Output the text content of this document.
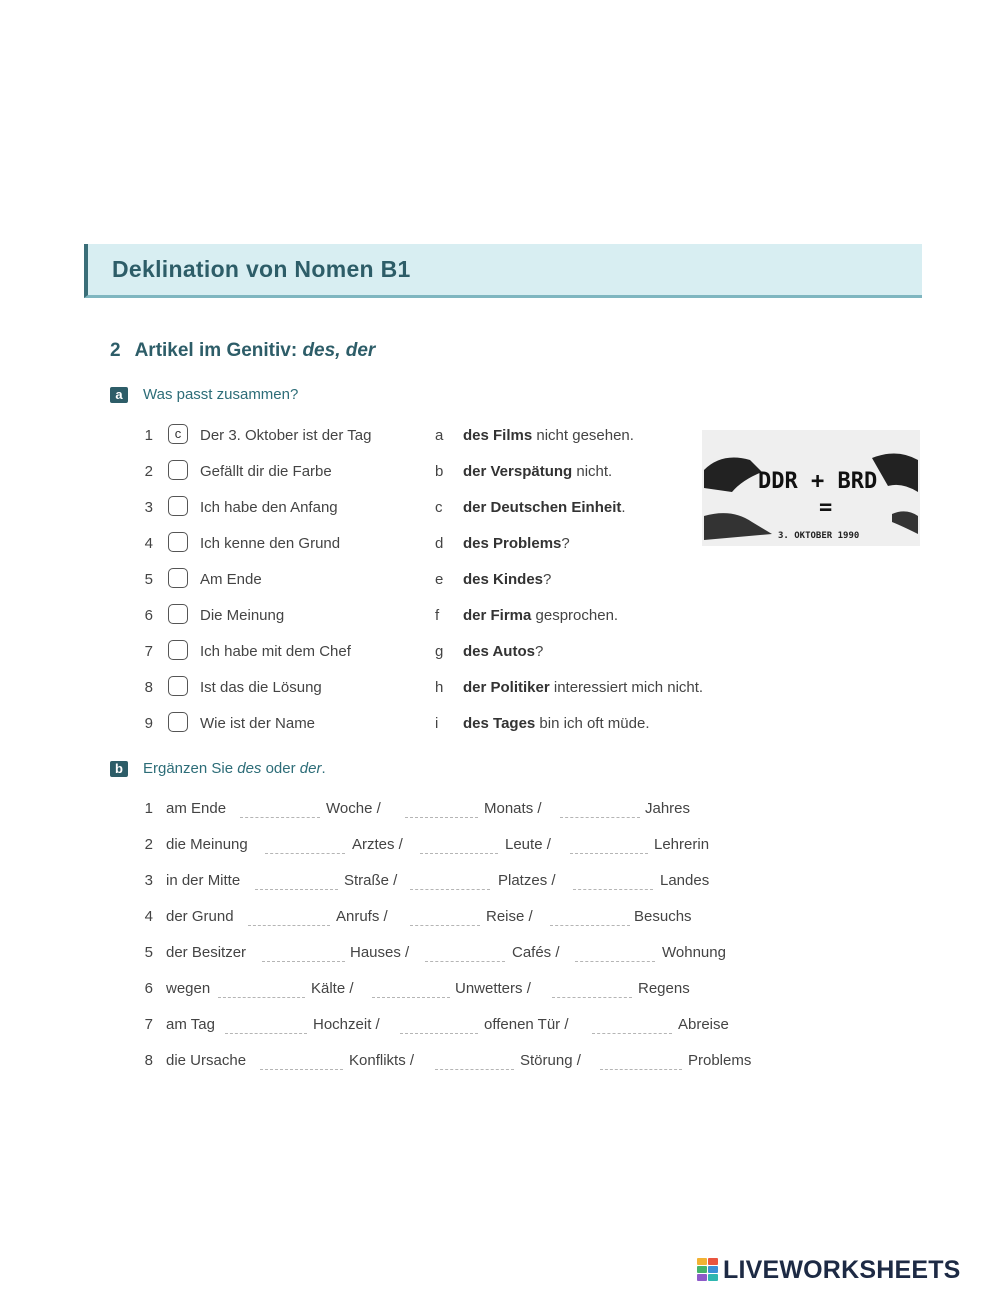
Deklination von Nomen B1
2 Artikel im Genitiv: des, der
a	Was passt zusammen?
1	c	Der 3. Oktober ist der Tag	a des Films nicht gesehen.
2	Gefällt dir die Farbe	b der Verspätung nicht.
3	Ich habe den Anfang	c der Deutschen Einheit.
4	Ich kenne den Grund	d des Problems?
5	Am Ende	e des Kindes?
6	Die Meinung	f der Firma gesprochen.
7	Ich habe mit dem Chef	g des Autos?
8	Ist das die Lösung	h der Politiker interessiert mich nicht.
9	Wie ist der Name	i des Tages bin ich oft müde.
DDR + BRD
=
3. OKTOBER 1990
b	Ergänzen Sie des oder der.
1 am Ende	Woche /	Monats /	Jahres
2 die Meinung	Arztes /	Leute /	Lehrerin
3 in der Mitte	Straße /	Platzes /	Landes
4 der Grund	Anrufs /	Reise /	Besuchs
5 der Besitzer	Hauses /	Cafés /	Wohnung
6 wegen	Kälte /	Unwetters /	Regens
7 am Tag	Hochzeit /	offenen Tür /	Abreise
8 die Ursache	Konflikts /	Störung /	Problems
LIVEWORKSHEETS
